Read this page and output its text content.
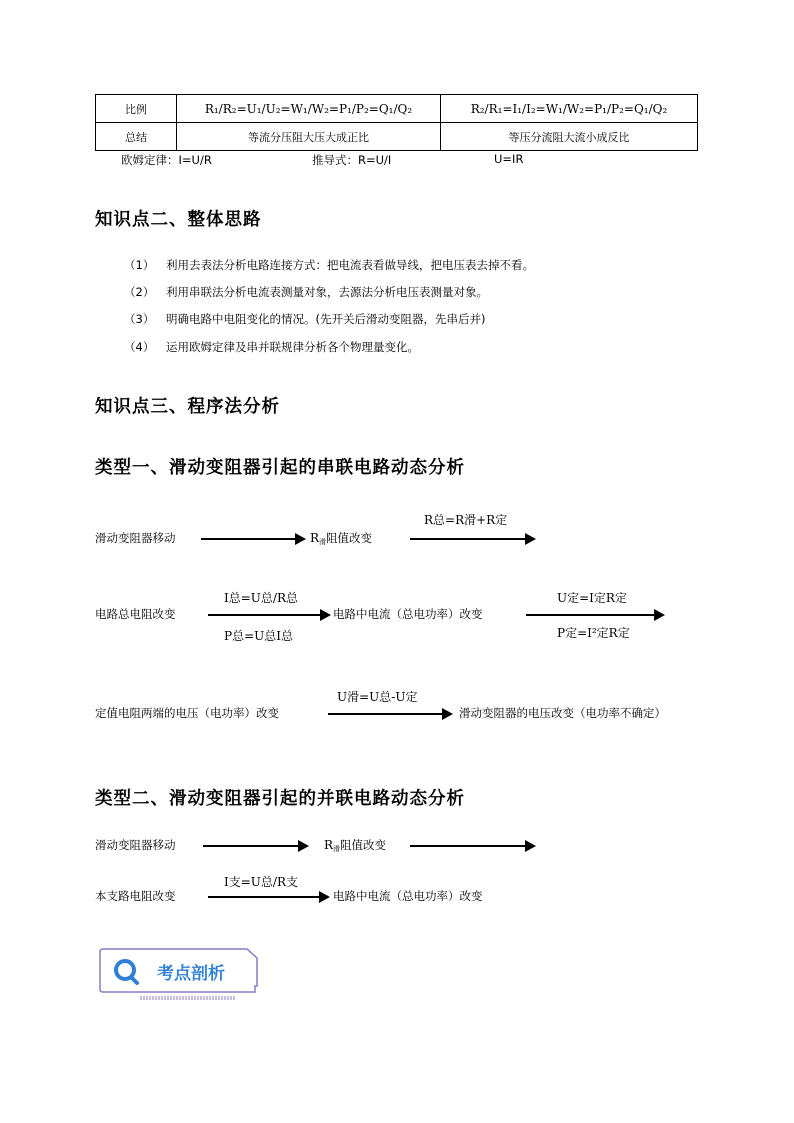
比例	R₁/R₂=U₁/U₂=W₁/W₂=P₁/P₂=Q₁/Q₂	R₂/R₁=I₁/I₂=W₁/W₂=P₁/P₂=Q₁/Q₂
总结	等流分压阻大压大成正比	等压分流阻大流小成反比
欧姆定律：I=U/R	推导式：R=U/I	U=IR
知识点二、整体思路
（1） 利用去表法分析电路连接方式：把电流表看做导线，把电压表去掉不看。
（2） 利用串联法分析电流表测量对象，去源法分析电压表测量对象。
（3） 明确电路中电阻变化的情况。(先开关后滑动变阻器，先串后并)
（4） 运用欧姆定律及串并联规律分析各个物理量变化。
知识点三、程序法分析
类型一、滑动变阻器引起的串联电路动态分析
滑动变阻器移动	$R_滑$阻值改变
R总=R滑+R定
电路总电阻改变
I总=U总/R总
P总=U总I总
电路中电流（总电功率）改变
U定=I定R定
P定=I²定R定
定值电阻两端的电压（电功率）改变
U滑=U总-U定
滑动变阻器的电压改变（电功率不确定）
类型二、滑动变阻器引起的并联电路动态分析
滑动变阻器移动	$R_滑$阻值改变
本支路电阻改变
I支=U总/R支
电路中电流（总电功率）改变
考点剖析
